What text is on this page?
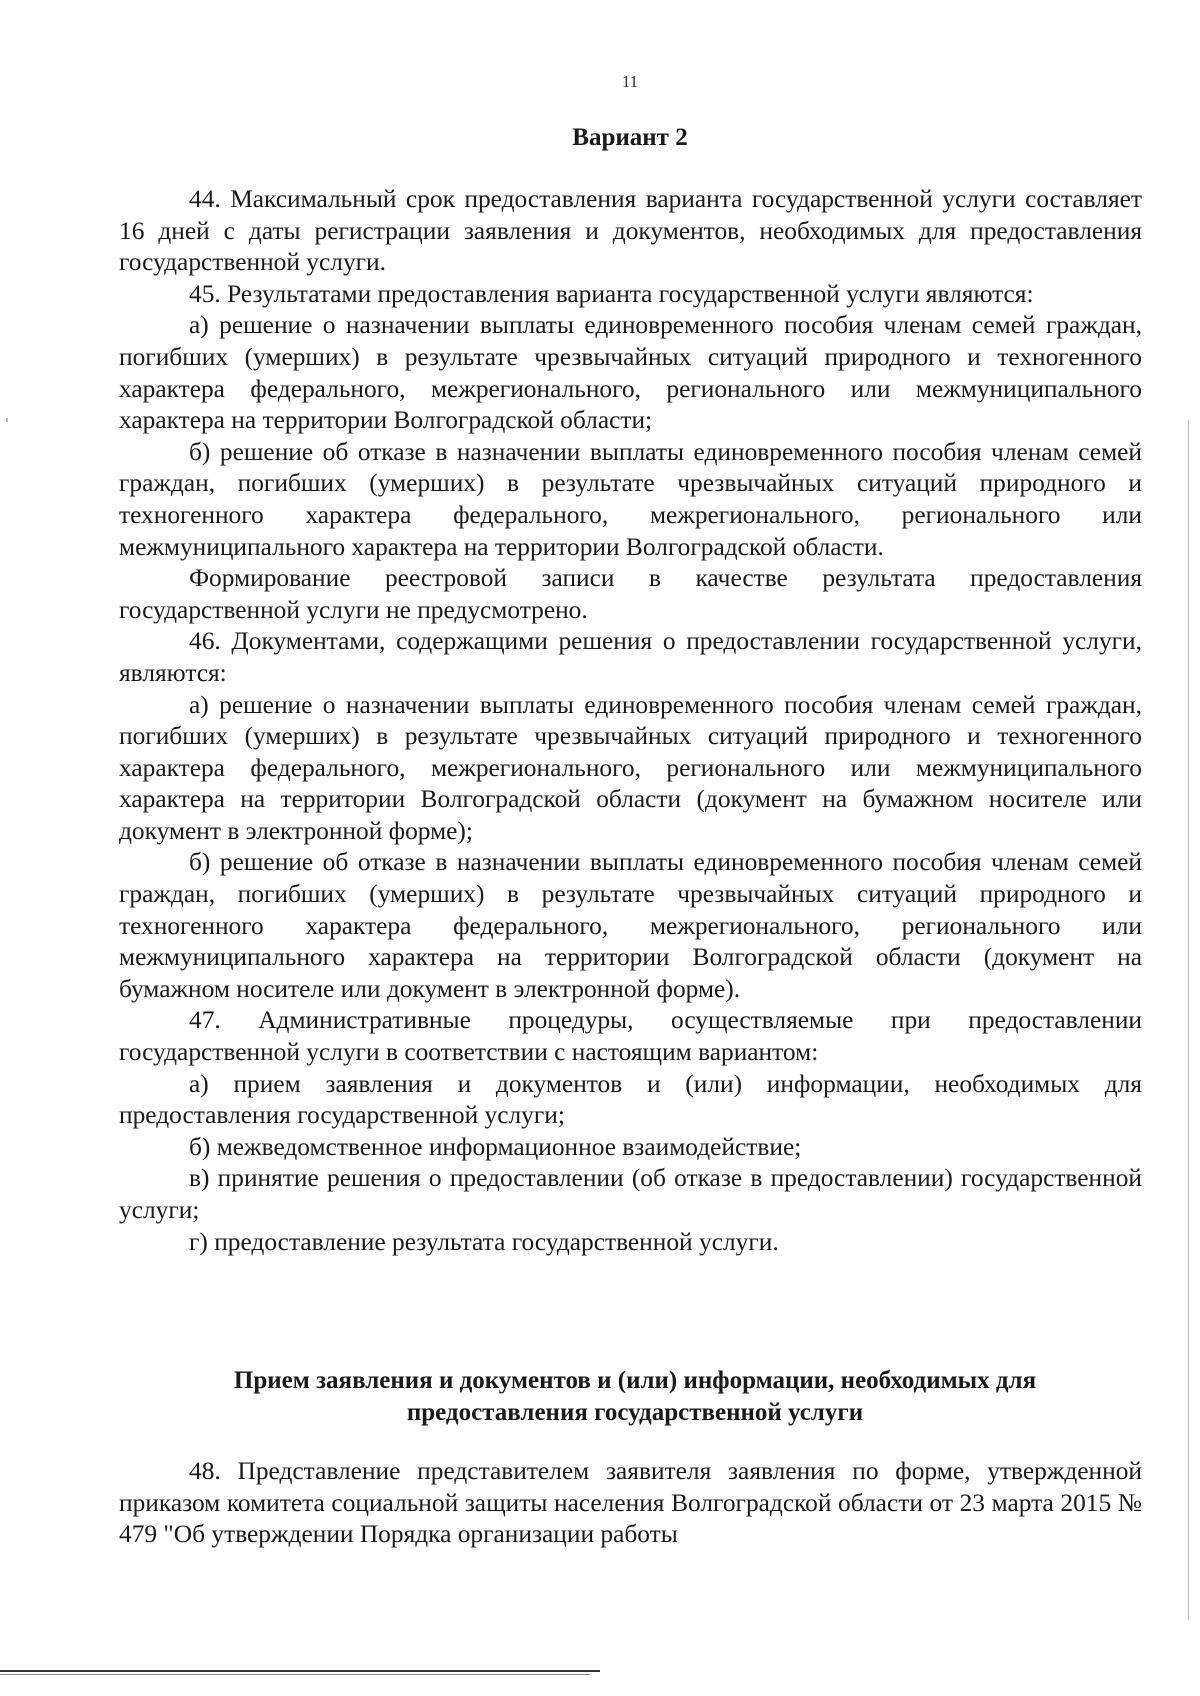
11
Вариант 2

44. Максимальный срок предоставления варианта государственной услуги составляет 16 дней с даты регистрации заявления и документов, необходимых для предоставления государственной услуги.

45. Результатами предоставления варианта государственной услуги являются:

а) решение о назначении выплаты единовременного пособия членам семей граждан, погибших (умерших) в результате чрезвычайных ситуаций природного и техногенного характера федерального, межрегионального, регионального или межмуниципального характера на территории Волгоградской области;

б) решение об отказе в назначении выплаты единовременного пособия членам семей граждан, погибших (умерших) в результате чрезвычайных ситуаций природного и техногенного характера федерального, межрегионального, регионального или межмуниципального характера на территории Волгоградской области.

Формирование реестровой записи в качестве результата предоставления государственной услуги не предусмотрено.

46. Документами, содержащими решения о предоставлении государственной услуги, являются:

а) решение о назначении выплаты единовременного пособия членам семей граждан, погибших (умерших) в результате чрезвычайных ситуаций природного и техногенного характера федерального, межрегионального, регионального или межмуниципального характера на территории Волгоградской области (документ на бумажном носителе или документ в электронной форме);

б) решение об отказе в назначении выплаты единовременного пособия членам семей граждан, погибших (умерших) в результате чрезвычайных ситуаций природного и техногенного характера федерального, межрегионального, регионального или межмуниципального характера на территории Волгоградской области (документ на бумажном носителе или документ в электронной форме).

47. Административные процедуры, осуществляемые при предоставлении государственной услуги в соответствии с настоящим вариантом:

а) прием заявления и документов и (или) информации, необходимых для предоставления государственной услуги;

б) межведомственное информационное взаимодействие;

в) принятие решения о предоставлении (об отказе в предоставлении) государственной услуги;

г) предоставление результата государственной услуги.

Прием заявления и документов и (или) информации, необходимых для предоставления государственной услуги

48. Представление представителем заявителя заявления по форме, утвержденной приказом комитета социальной защиты населения Волгоградской области от 23 марта 2015 № 479 "Об утверждении Порядка организации работы
